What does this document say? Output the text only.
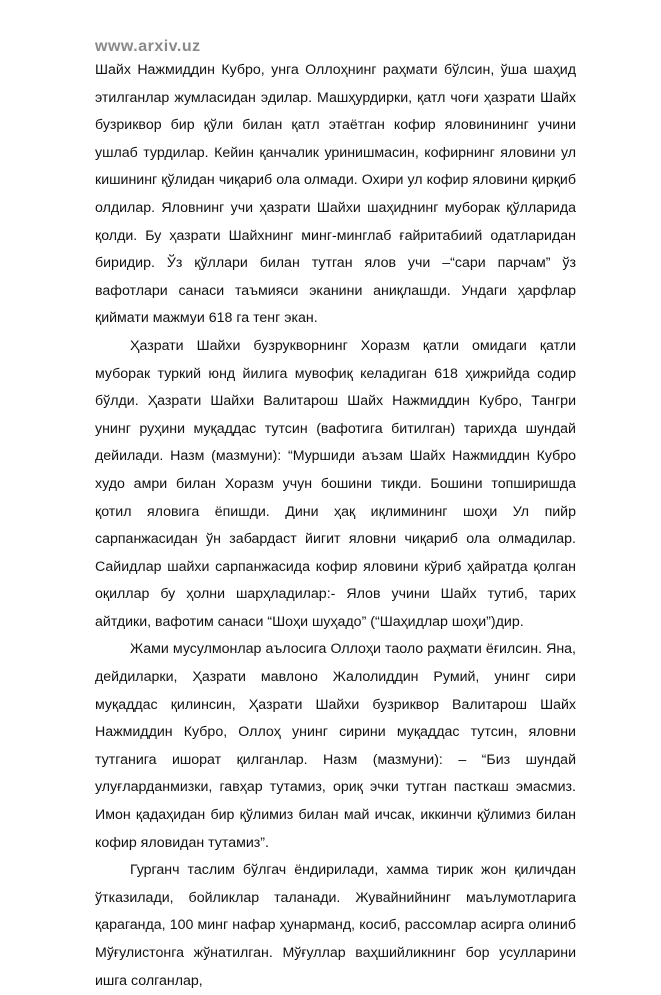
www.arxiv.uz

Шайх Нажмиддин Кубро, унга Оллоҳнинг раҳмати бўлсин, ўша шаҳид этилганлар жумласидан эдилар. Машҳурдирки, қатл чоғи ҳазрати Шайх бузриквор бир қўли билан қатл этаётган кофир яловинининг учини ушлаб турдилар. Кейин қанчалик уринишмасин, кофирнинг яловини ул кишининг қўлидан чиқариб ола олмади. Охири ул кофир яловини қирқиб олдилар. Яловнинг учи ҳазрати Шайхи шаҳиднинг муборак қўлларида қолди. Бу ҳазрати Шайхнинг минг-минглаб ғайритабиий одатларидан биридир. Ўз қўллари билан тутган ялов учи –“сари парчам” ўз вафотлари санаси таъмияси эканини аниқлашди. Ундаги ҳарфлар қиймати мажмуи 618 га тенг экан.

Ҳазрати Шайхи бузрукворнинг Хоразм қатли омидаги қатли муборак туркий юнд йилига мувофиқ келадиган 618 ҳижрийда содир бўлди. Ҳазрати Шайхи Валитарош Шайх Нажмиддин Кубро, Тангри унинг руҳини муқаддас тутсин (вафотига битилган) тарихда шундай дейилади. Назм (мазмуни): “Муршиди аъзам Шайх Нажмиддин Кубро худо амри билан Хоразм учун бошини тикди. Бошини топширишда қотил яловига ёпишди. Дини ҳақ иқлимининг шоҳи Ул пийр сарпанжасидан ўн забардаст йигит яловни чиқариб ола олмадилар. Сайидлар шайхи сарпанжасида кофир яловини кўриб ҳайратда қолган оқиллар бу ҳолни шарҳладилар:- Ялов учини Шайх тутиб, тарих айтдики, вафотим санаси “Шоҳи шуҳадо” (“Шаҳидлар шоҳи”)дир.

Жами мусулмонлар аълосига Оллоҳи таоло раҳмати ёғилсин. Яна, дейдиларки, Ҳазрати мавлоно Жалолиддин Румий, унинг сири муқаддас қилинсин, Ҳазрати Шайхи бузриквор Валитарош Шайх Нажмиддин Кубро, Оллоҳ унинг сирини муқаддас тутсин, яловни тутганига ишорат қилганлар. Назм (мазмуни): – “Биз шундай улуғларданмизки, гавҳар тутамиз, ориқ эчки тутган пасткаш эмасмиз. Имон қадаҳидан бир қўлимиз билан май ичсак, иккинчи қўлимиз билан кофир яловидан тутамиз”.

Гурганч таслим бўлгач ёндирилади, хамма тирик жон қиличдан ўтказилади, бойликлар таланади. Жувайнийнинг маълумотларига қараганда, 100 минг нафар ҳунарманд, косиб, рассомлар асирга олиниб Мўғулистонга жўнатилган. Мўғуллар ваҳшийликнинг бор усулларини ишга солганлар,
